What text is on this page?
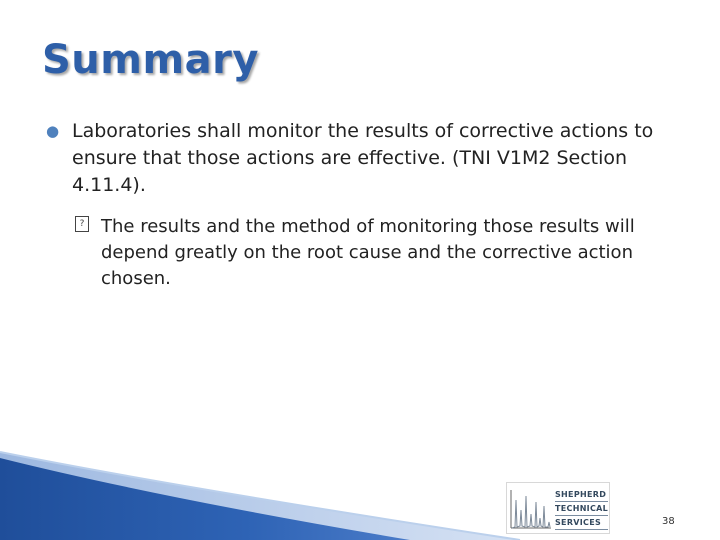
Summary
● Laboratories shall monitor the results of corrective actions to ensure that those actions are effective. (TNI V1M2 Section 4.11.4).
? The results and the method of monitoring those results will depend greatly on the root cause and the corrective action chosen.
SHEPHERD
TECHNICAL
SERVICES	38
